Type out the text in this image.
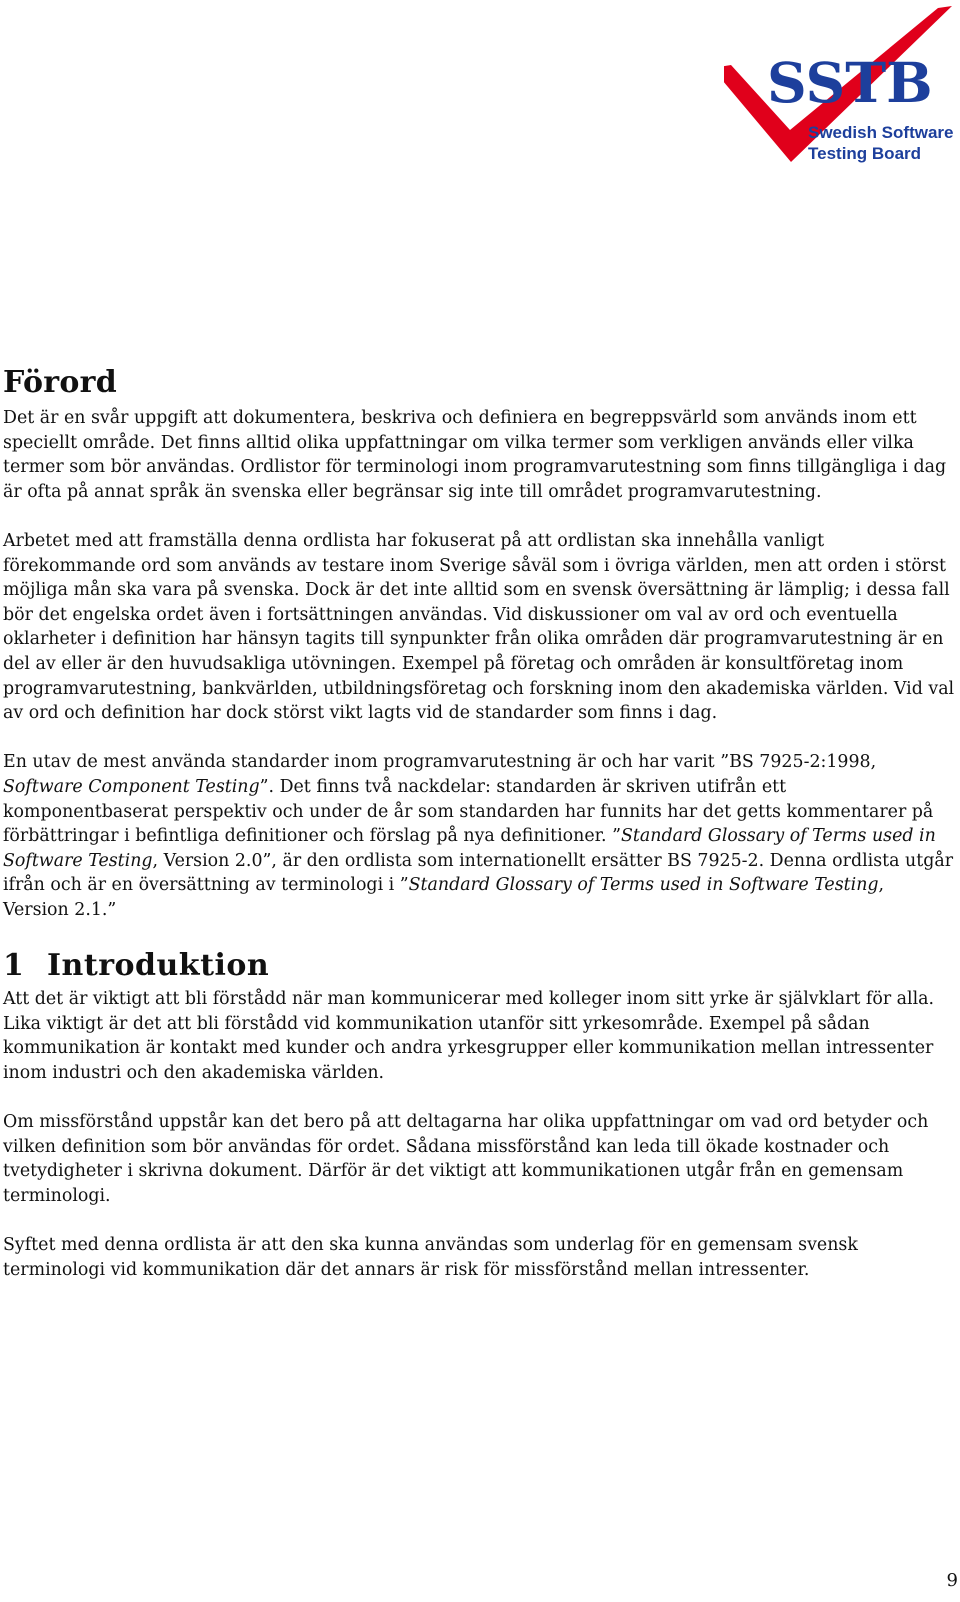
SSTB
Swedish Software
Testing Board
Förord

Det är en svår uppgift att dokumentera, beskriva och definiera en begreppsvärld som används inom ett speciellt område. Det finns alltid olika uppfattningar om vilka termer som verkligen används eller vilka termer som bör användas. Ordlistor för terminologi inom programvarutestning som finns tillgängliga i dag är ofta på annat språk än svenska eller begränsar sig inte till området programvarutestning.

Arbetet med att framställa denna ordlista har fokuserat på att ordlistan ska innehålla vanligt förekommande ord som används av testare inom Sverige såväl som i övriga världen, men att orden i störst möjliga mån ska vara på svenska. Dock är det inte alltid som en svensk översättning är lämplig; i dessa fall bör det engelska ordet även i fortsättningen användas. Vid diskussioner om val av ord och eventuella oklarheter i definition har hänsyn tagits till synpunkter från olika områden där programvarutestning är en del av eller är den huvudsakliga utövningen. Exempel på företag och områden är konsultföretag inom programvarutestning, bankvärlden, utbildningsföretag och forskning inom den akademiska världen. Vid val av ord och definition har dock störst vikt lagts vid de standarder som finns i dag.

En utav de mest använda standarder inom programvarutestning är och har varit ”BS 7925-2:1998, Software Component Testing”. Det finns två nackdelar: standarden är skriven utifrån ett komponentbaserat perspektiv och under de år som standarden har funnits har det getts kommentarer på förbättringar i befintliga definitioner och förslag på nya definitioner. ”Standard Glossary of Terms used in Software Testing, Version 2.0”, är den ordlista som internationellt ersätter BS 7925-2. Denna ordlista utgår ifrån och är en översättning av terminologi i ”Standard Glossary of Terms used in Software Testing, Version 2.1.”

1 Introduktion

Att det är viktigt att bli förstådd när man kommunicerar med kolleger inom sitt yrke är självklart för alla. Lika viktigt är det att bli förstådd vid kommunikation utanför sitt yrkesområde. Exempel på sådan kommunikation är kontakt med kunder och andra yrkesgrupper eller kommunikation mellan intressenter inom industri och den akademiska världen.

Om missförstånd uppstår kan det bero på att deltagarna har olika uppfattningar om vad ord betyder och vilken definition som bör användas för ordet. Sådana missförstånd kan leda till ökade kostnader och tvetydigheter i skrivna dokument. Därför är det viktigt att kommunikationen utgår från en gemensam terminologi.

Syftet med denna ordlista är att den ska kunna användas som underlag för en gemensam svensk terminologi vid kommunikation där det annars är risk för missförstånd mellan intressenter.

9
